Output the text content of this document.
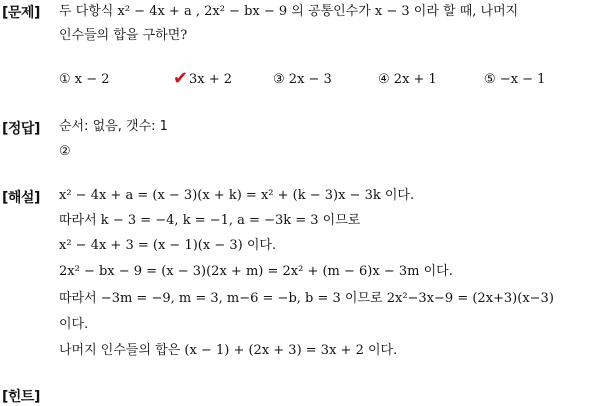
[문제] 두 다항식 x² − 4x + a , 2x² − bx − 9 의 공통인수가 x − 3 이라 할 때, 나머지
인수들의 합을 구하면?
① x − 2	3x + 2
✔	③ 2x − 3	④ 2x + 1	⑤ −x − 1
[정답] 순서: 없음, 갯수: 1
②
[해설] x² − 4x + a = (x − 3)(x + k) = x² + (k − 3)x − 3k 이다.
따라서 k − 3 = −4, k = −1, a = −3k = 3 이므로
x² − 4x + 3 = (x − 1)(x − 3) 이다.
2x² − bx − 9 = (x − 3)(2x + m) = 2x² + (m − 6)x − 3m 이다.
따라서 −3m = −9, m = 3, m−6 = −b, b = 3 이므로 2x²−3x−9 = (2x+3)(x−3)
이다.
나머지 인수들의 합은 (x − 1) + (2x + 3) = 3x + 2 이다.
[힌트]
